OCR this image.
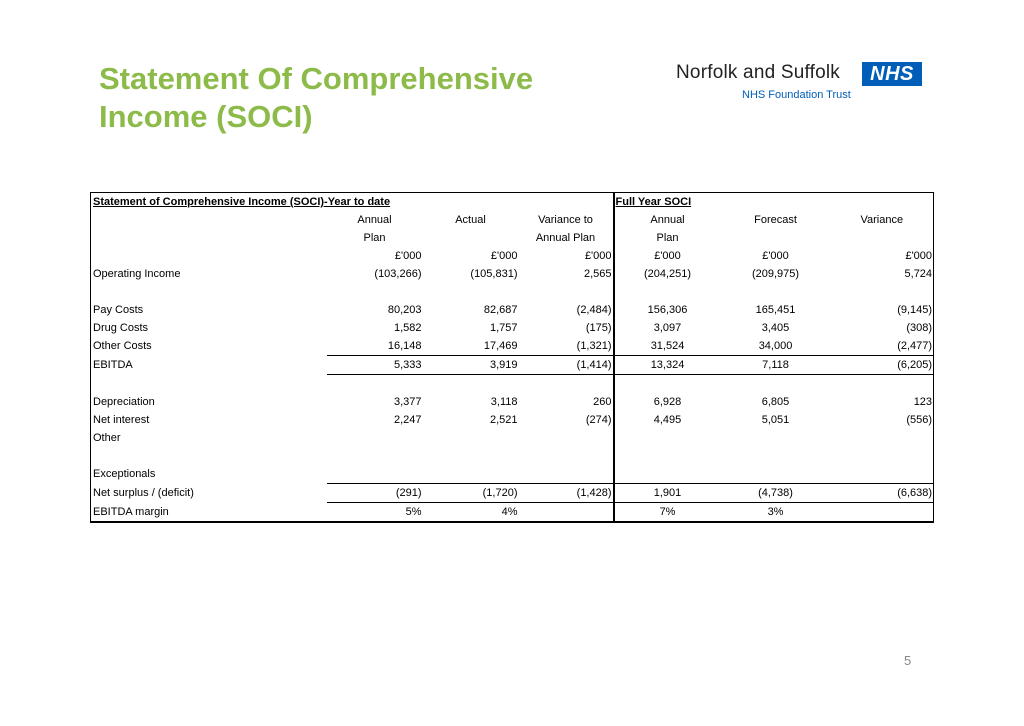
Statement Of Comprehensive
Income (SOCI)
Norfolk and Suffolk	NHS
NHS Foundation Trust
Statement of Comprehensive Income (SOCI)-Year to date				Full Year SOCI		
	Annual	Actual	Variance to	Annual	Forecast	Variance
	Plan		Annual Plan	Plan		
	£'000	£'000	£'000	£'000	£'000	£'000
Operating Income	(103,266)	(105,831)	2,565	(204,251)	(209,975)	5,724

Pay Costs	80,203	82,687	(2,484)	156,306	165,451	(9,145)
Drug Costs	1,582	1,757	(175)	3,097	3,405	(308)
Other Costs	16,148	17,469	(1,321)	31,524	34,000	(2,477)
EBITDA	5,333	3,919	(1,414)	13,324	7,118	(6,205)

Depreciation	3,377	3,118	260	6,928	6,805	123
Net interest	2,247	2,521	(274)	4,495	5,051	(556)
Other						

Exceptionals						
Net surplus / (deficit)	(291)	(1,720)	(1,428)	1,901	(4,738)	(6,638)
EBITDA margin	5%	4%		7%	3%	
5
